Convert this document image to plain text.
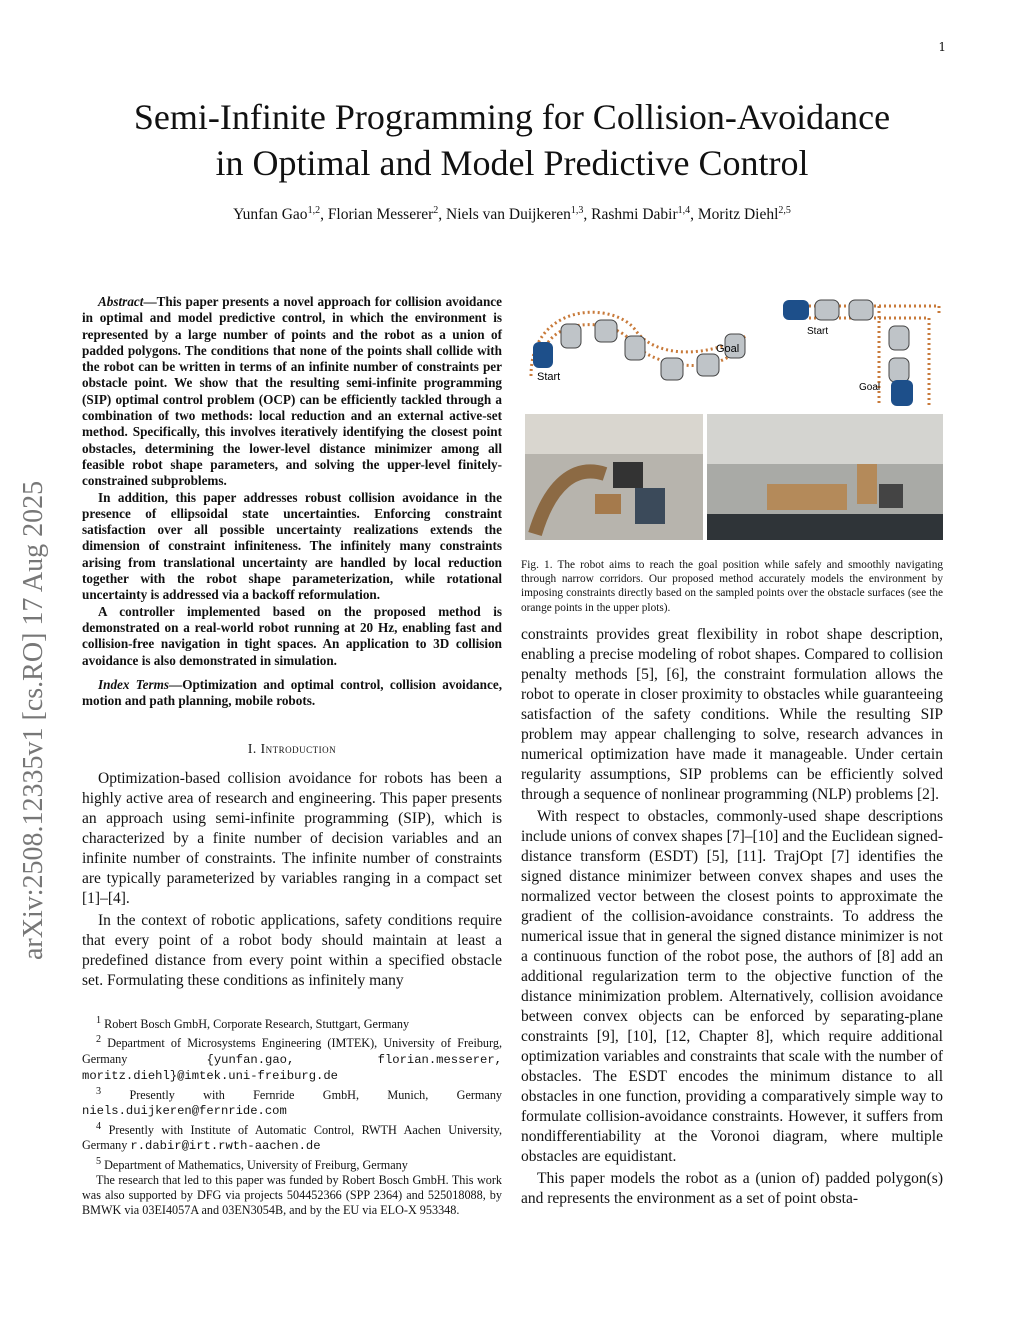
1
Semi-Infinite Programming for Collision-Avoidance
in Optimal and Model Predictive Control
Yunfan Gao$^{1,2}$, Florian Messerer$^2$, Niels van Duijkeren$^{1,3}$, Rashmi Dabir$^{1,4}$, Moritz Diehl$^{2,5}$
arXiv:2508.12335v1 [cs.RO] 17 Aug 2025

Abstract—This paper presents a novel approach for collision avoidance in optimal and model predictive control, in which the environment is represented by a large number of points and the robot as a union of padded polygons. The conditions that none of the points shall collide with the robot can be written in terms of an infinite number of constraints per obstacle point. We show that the resulting semi-infinite programming (SIP) optimal control problem (OCP) can be efficiently tackled through a combination of two methods: local reduction and an external active-set method. Specifically, this involves iteratively identifying the closest point obstacles, determining the lower-level distance minimizer among all feasible robot shape parameters, and solving the upper-level finitely-constrained subproblems.

In addition, this paper addresses robust collision avoidance in the presence of ellipsoidal state uncertainties. Enforcing constraint satisfaction over all possible uncertainty realizations extends the dimension of constraint infiniteness. The infinitely many constraints arising from translational uncertainty are handled by local reduction together with the robot shape parameterization, while rotational uncertainty is addressed via a backoff reformulation.

A controller implemented based on the proposed method is demonstrated on a real-world robot running at 20 Hz, enabling fast and collision-free navigation in tight spaces. An application to 3D collision avoidance is also demonstrated in simulation.

Index Terms—Optimization and optimal control, collision avoidance, motion and path planning, mobile robots.
I. Introduction

Optimization-based collision avoidance for robots has been a highly active area of research and engineering. This paper presents an approach using semi-infinite programming (SIP), which is characterized by a finite number of decision variables and an infinite number of constraints. The infinite number of constraints are typically parameterized by variables ranging in a compact set [1]–[4].

In the context of robotic applications, safety conditions require that every point of a robot body should maintain at least a predefined distance from every point within a specified obstacle set. Formulating these conditions as infinitely many

$^1$ Robert Bosch GmbH, Corporate Research, Stuttgart, Germany
$^2$ Department of Microsystems Engineering (IMTEK), University of Freiburg, Germany	{yunfan.gao, florian.messerer, moritz.diehl}@imtek.uni-freiburg.de
$^3$ Presently with Fernride GmbH, Munich, Germany niels.duijkeren@fernride.com
$^4$ Presently with Institute of Automatic Control, RWTH Aachen University, Germany r.dabir@irt.rwth-aachen.de
$^5$ Department of Mathematics, University of Freiburg, Germany
The research that led to this paper was funded by Robert Bosch GmbH. This work was also supported by DFG via projects 504452366 (SPP 2364) and 525018088, by BMWK via 03EI4057A and 03EN3054B, and by the EU via ELO-X 953348.
Start
Goal
Start
Goal
Fig. 1. The robot aims to reach the goal position while safely and smoothly navigating through narrow corridors. Our proposed method accurately models the environment by imposing constraints directly based on the sampled points over the obstacle surfaces (see the orange points in the upper plots).

constraints provides great flexibility in robot shape description, enabling a precise modeling of robot shapes. Compared to collision penalty methods [5], [6], the constraint formulation allows the robot to operate in closer proximity to obstacles while guaranteeing satisfaction of the safety conditions. While the resulting SIP problem may appear challenging to solve, research advances in numerical optimization have made it manageable. Under certain regularity assumptions, SIP problems can be efficiently solved through a sequence of nonlinear programming (NLP) problems [2].

With respect to obstacles, commonly-used shape descriptions include unions of convex shapes [7]–[10] and the Euclidean signed-distance transform (ESDT) [5], [11]. TrajOpt [7] identifies the signed distance minimizer between convex shapes and uses the normalized vector between the closest points to approximate the gradient of the collision-avoidance constraints. To address the numerical issue that in general the signed distance minimizer is not a continuous function of the robot pose, the authors of [8] add an additional regularization term to the objective function of the distance minimization problem. Alternatively, collision avoidance between convex objects can be enforced by separating-plane constraints [9], [10], [12, Chapter 8], which require additional optimization variables and constraints that scale with the number of obstacles. The ESDT encodes the minimum distance to all obstacles in one function, providing a comparatively simple way to formulate collision-avoidance constraints. However, it suffers from nondifferentiability at the Voronoi diagram, where multiple obstacles are equidistant.

This paper models the robot as a (union of) padded polygon(s) and represents the environment as a set of point obsta-
